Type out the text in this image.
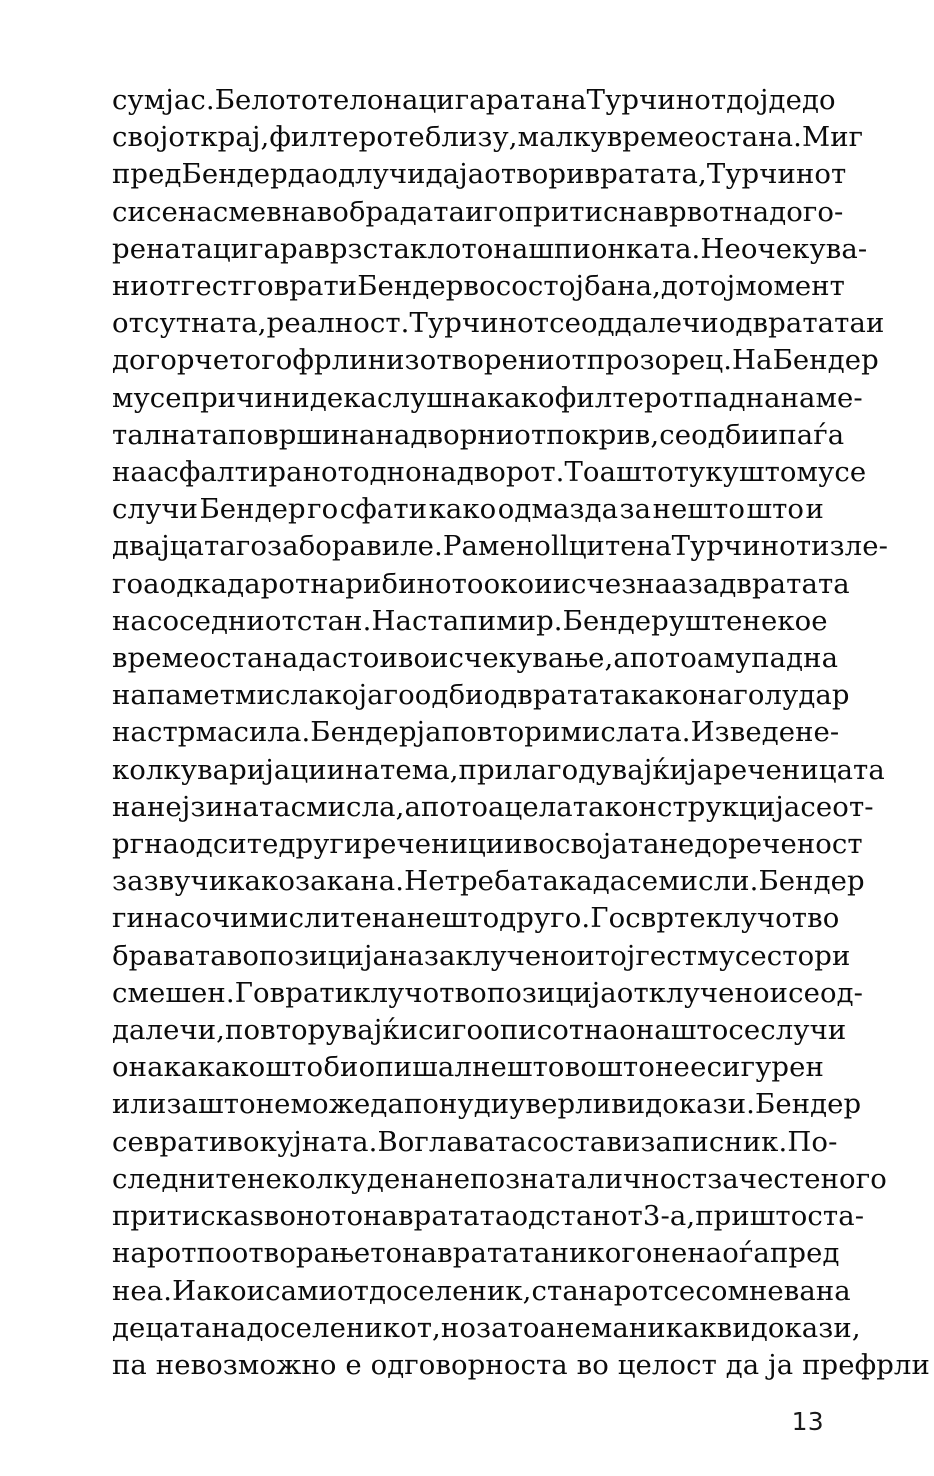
сум јас. Белото тело на цигарата на Турчинот дојде до
својот крај, филтерот е близу, малку време остана. Миг
пред Бендер да одлучи да ја отвори вратата, Турчинот
си се насмевна во брадата и го притисна врвот на дого-
рената цигара врз стаклото на шпионката. Неочекува-
ниот гест го врати Бендер во состојба на, до тој момент
отсутната, реалност. Турчинот се оддалечи од вратата и
догорчето го фрли низ отворениот прозорец. На Бендер
му се причини дека слушна како филтерот падна на ме-
талната површина на дворниот покрив, се одби и паѓа
на асфалтираното дно на дворот. Тоа што тукушто му се
случи Бендер го сфати како одмазда за нешто што и
двајцата го заборавиле. Раменollците на Турчинот изле-
гоа од кадарот на рибиното око и исчезнаа зад вратата
на соседниот стан. Настапи мир. Бендер уште некое
време остана да стои во исчекување, а потоа му падна
на памет мисла која го одби од вратата како нагол удар
на стрма сила. Бендер ја повтори мислата. Изведе не-
колку варијации на тема, прилагодувајќи ја реченицата
на нејзината смисла, а потоа целата конструкција се от-
ргна од сите други реченици и во својата недореченост
зазвучи како закана. Не треба така да се мисли. Бендер
ги насочи мислите на нешто друго. Го сврте клучот во
бравата во позиција на заклучено и тој гест му се стори
смешен. Го врати клучот во позиција отклучено и се од-
далечи, повторувајќи си го описот на она што се случи
онака како што би опишал нешто во што не е сигурен
или за што не може да понуди уверливи докази. Бендер
се врати во кујната. Во главата состави записник. По-
следните неколку дена непозната личност зачестено го
притиска ѕвоното на вратата од станот 3-а, при што ста-
нарот по отворањето на вратата никого не наоѓа пред
неа. Иако и самиот доселеник, станарот се сомнева на
децата на доселеникот, но за тоа нема никакви докази,
па невозможно е одговорноста во целост да ја префрли
13
